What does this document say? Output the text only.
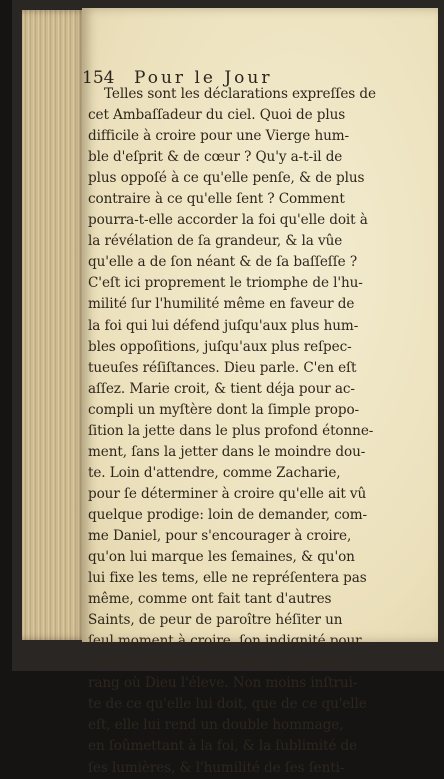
154 Pour le Jour
Telles sont les déclarations expreſſes de
cet Ambaſſadeur du ciel. Quoi de plus
difficile à croire pour une Vierge hum-
ble d'eſprit & de cœur ? Qu'y a-t-il de
plus oppoſé à ce qu'elle penſe, & de plus
contraire à ce qu'elle ſent ? Comment
pourra-t-elle accorder la foi qu'elle doit à
la révélation de ſa grandeur, & la vûe
qu'elle a de ſon néant & de ſa baſſeſſe ?
C'eſt ici proprement le triomphe de l'hu-
milité ſur l'humilité même en faveur de
la foi qui lui défend juſqu'aux plus hum-
bles oppoſitions, juſqu'aux plus reſpec-
tueuſes réſiſtances. Dieu parle. C'en eſt
aſſez. Marie croit, & tient déja pour ac-
compli un myſtère dont la ſimple propo-
ſition la jette dans le plus profond étonne-
ment, ſans la jetter dans le moindre dou-
te. Loin d'attendre, comme Zacharie,
pour ſe déterminer à croire qu'elle ait vû
quelque prodige: loin de demander, com-
me Daniel, pour s'encourager à croire,
qu'on lui marque les ſemaines, & qu'on
lui fixe les tems, elle ne repréſentera pas
même, comme ont fait tant d'autres
Saints, de peur de paroître héſiter un
ſeul moment à croire, ſon indignité pour
l'emploi dont Dieu la charge, & pour le
rang où Dieu l'éleve. Non moins inſtrui-
te de ce qu'elle lui doit, que de ce qu'elle
eſt, elle lui rend un double hommage,
en ſoûmettant à la foi, & la ſublimité de
ſes lumières, & l'humilité de ſes ſenti-
